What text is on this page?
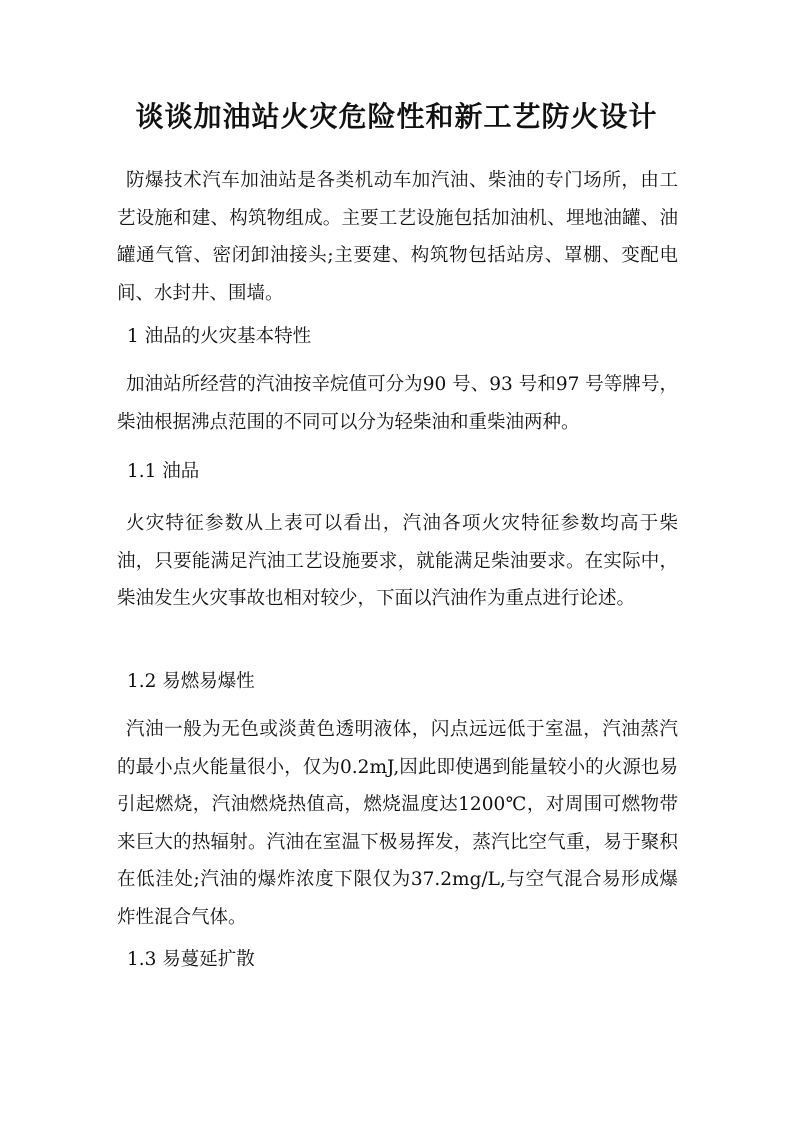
谈谈加油站火灾危险性和新工艺防火设计
防爆技术汽车加油站是各类机动车加汽油、柴油的专门场所，由工艺设施和建、构筑物组成。主要工艺设施包括加油机、埋地油罐、油罐通气管、密闭卸油接头;主要建、构筑物包括站房、罩棚、变配电间、水封井、围墙。
1 油品的火灾基本特性
加油站所经营的汽油按辛烷值可分为90 号、93 号和97 号等牌号，柴油根据沸点范围的不同可以分为轻柴油和重柴油两种。
1.1 油品
火灾特征参数从上表可以看出，汽油各项火灾特征参数均高于柴油，只要能满足汽油工艺设施要求，就能满足柴油要求。在实际中，柴油发生火灾事故也相对较少，下面以汽油作为重点进行论述。
1.2 易燃易爆性
汽油一般为无色或淡黄色透明液体，闪点远远低于室温，汽油蒸汽的最小点火能量很小，仅为0.2mJ,因此即使遇到能量较小的火源也易引起燃烧，汽油燃烧热值高，燃烧温度达1200℃，对周围可燃物带来巨大的热辐射。汽油在室温下极易挥发，蒸汽比空气重，易于聚积在低洼处;汽油的爆炸浓度下限仅为37.2mg/L,与空气混合易形成爆炸性混合气体。
1.3 易蔓延扩散
